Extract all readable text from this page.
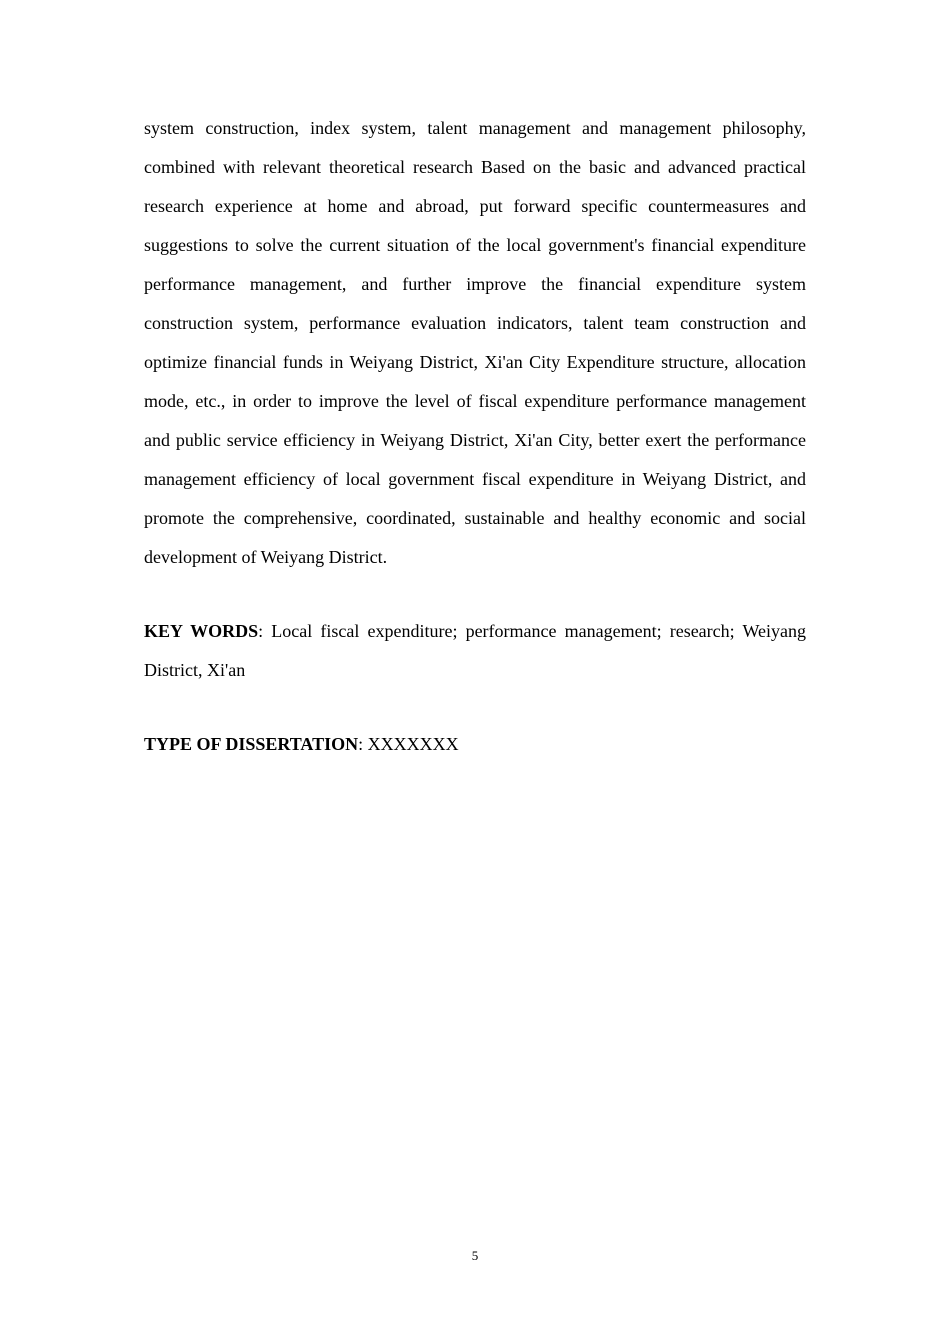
system construction, index system, talent management and management philosophy, combined with relevant theoretical research Based on the basic and advanced practical research experience at home and abroad, put forward specific countermeasures and suggestions to solve the current situation of the local government's financial expenditure performance management, and further improve the financial expenditure system construction system, performance evaluation indicators, talent team construction and optimize financial funds in Weiyang District, Xi'an City Expenditure structure, allocation mode, etc., in order to improve the level of fiscal expenditure performance management and public service efficiency in Weiyang District, Xi'an City, better exert the performance management efficiency of local government fiscal expenditure in Weiyang District, and promote the comprehensive, coordinated, sustainable and healthy economic and social development of Weiyang District.

KEY WORDS: Local fiscal expenditure; performance management; research; Weiyang District, Xi'an

TYPE OF DISSERTATION: XXXXXXX

5
